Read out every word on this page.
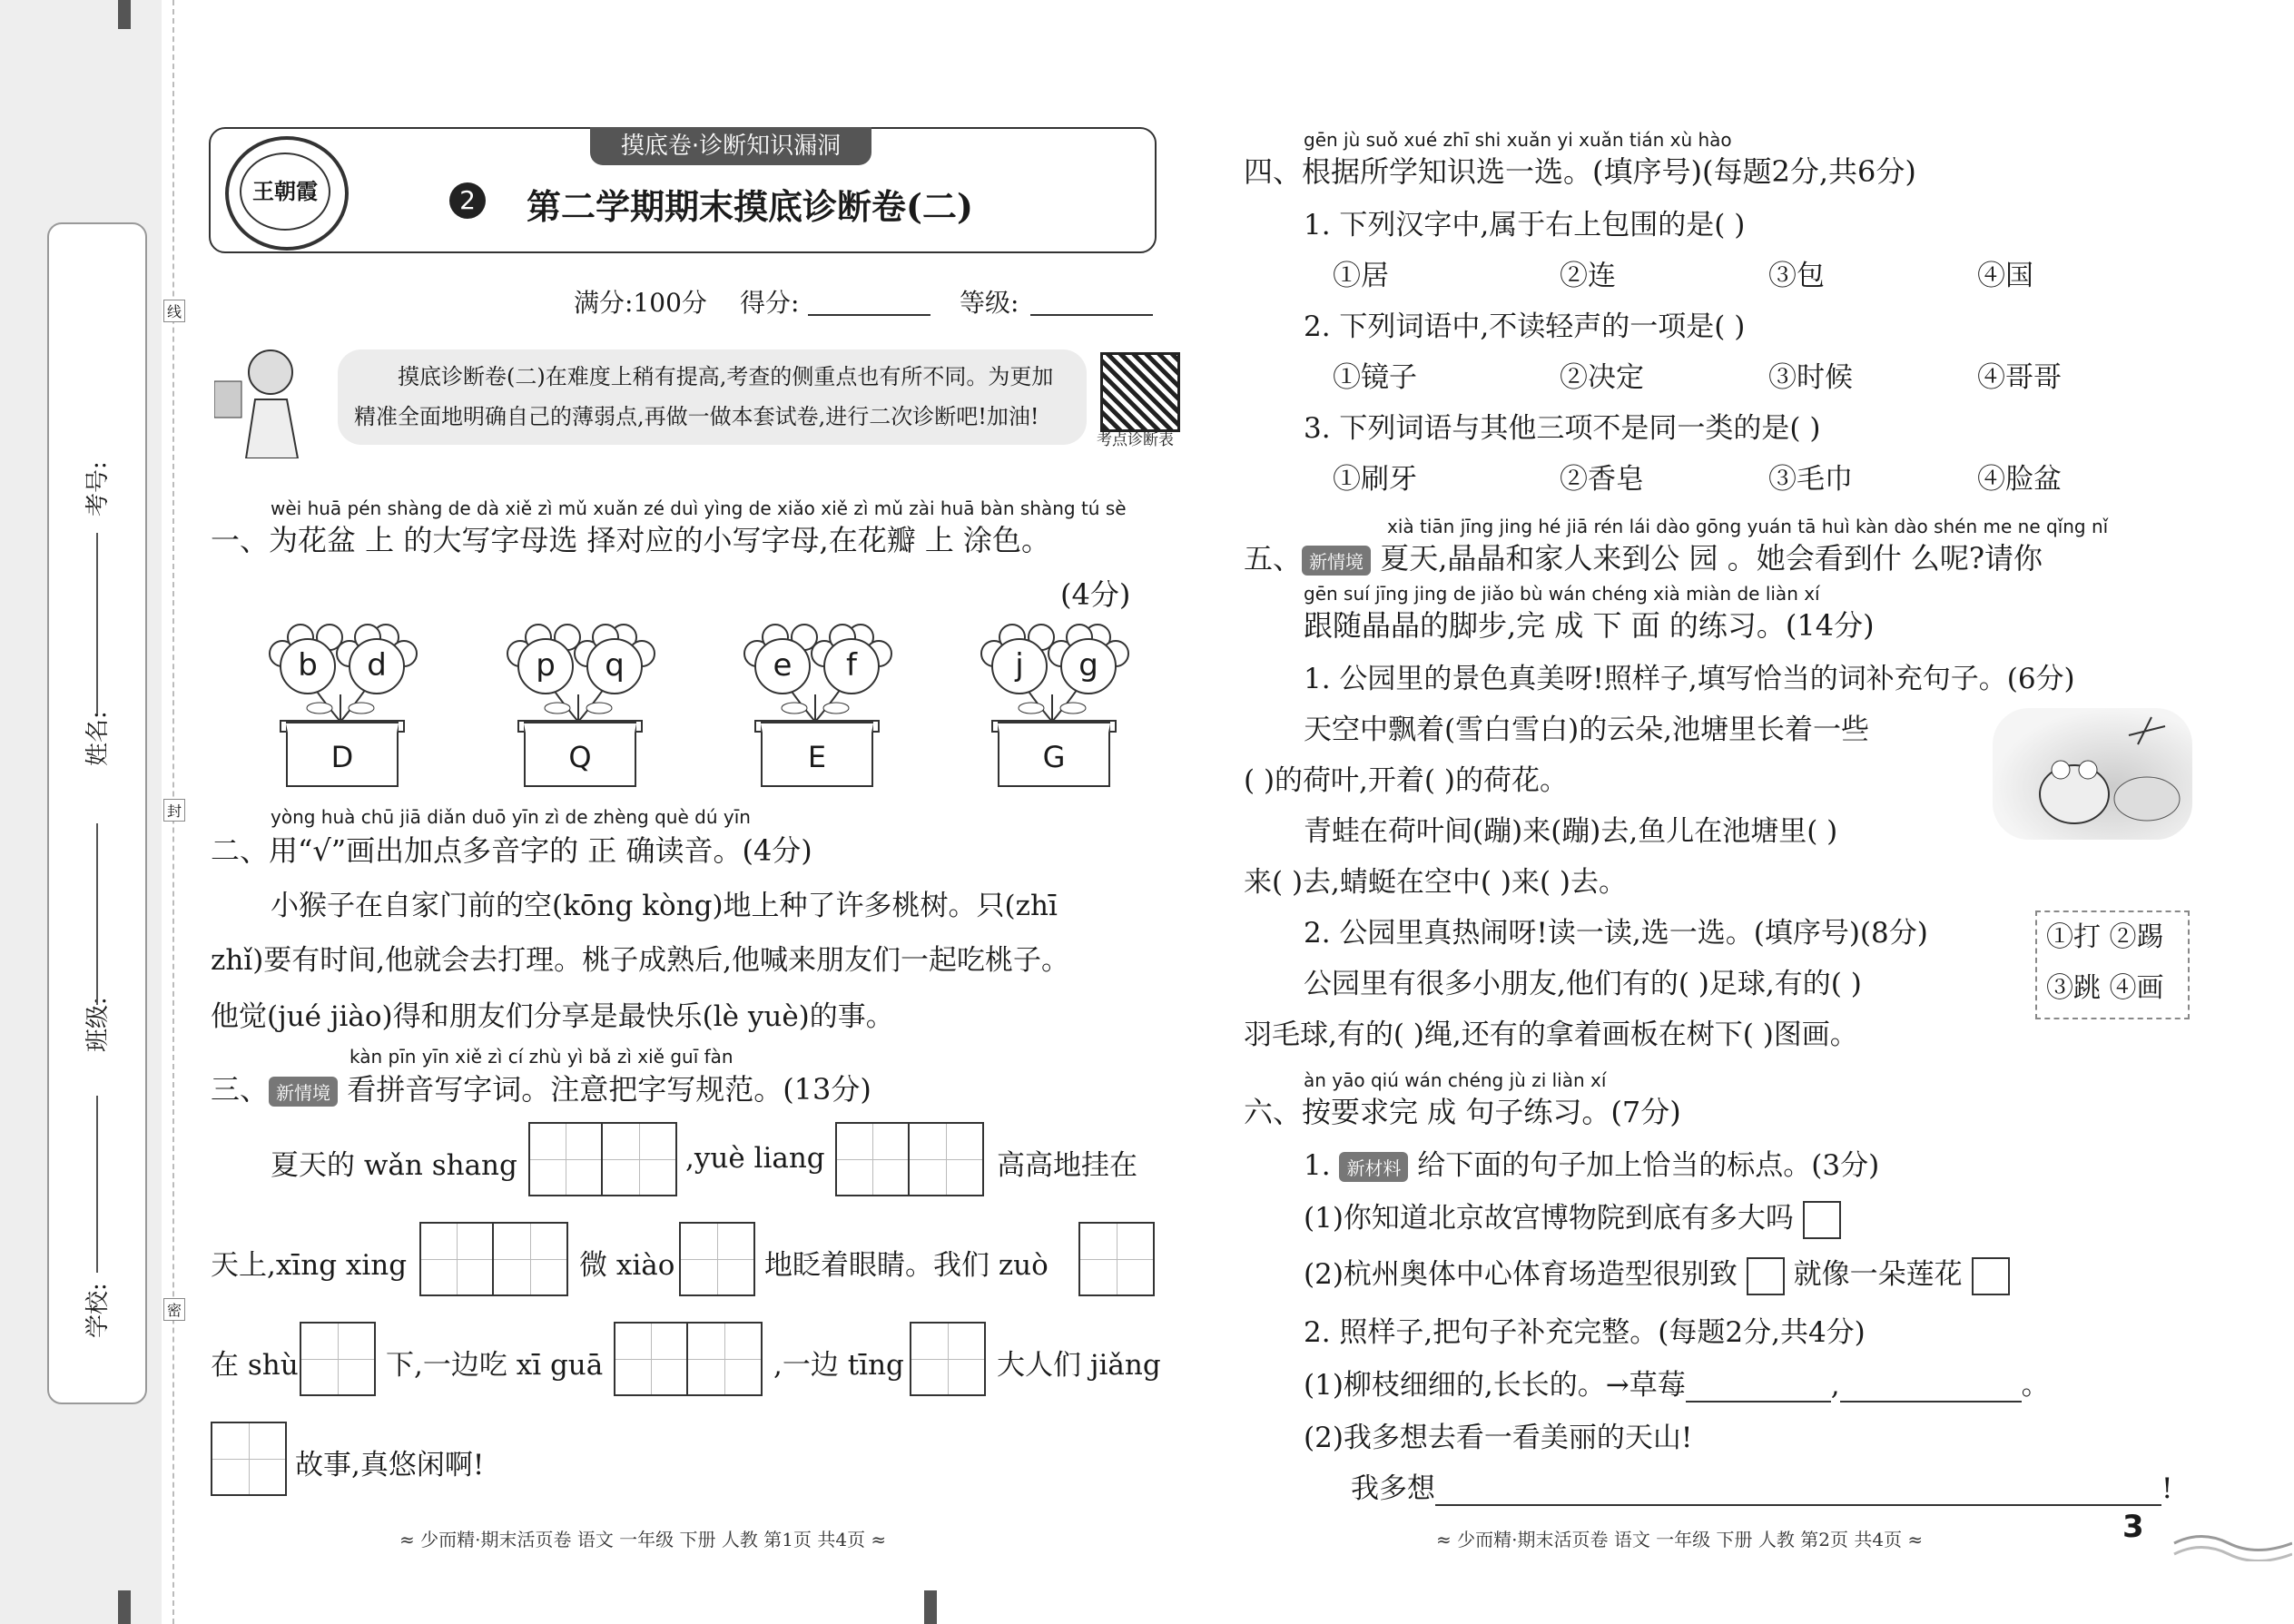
学校:
班级:
姓名:
考号:
线
封
密
王朝霞
摸底卷·诊断知识漏洞
2 第二学期期末摸底诊断卷(二)
满分:100分 得分:	等级:
摸底诊断卷(二)在难度上稍有提高,考查的侧重点也有所不同。为更加
精准全面地明确自己的薄弱点,再做一做本套试卷,进行二次诊断吧!加油!
考点诊断表
wèi huā pén shàng de dà xiě zì mǔ xuǎn zé duì yìng de xiǎo xiě zì mǔ zài huā bàn shàng tú sè
一、为花盆 上 的大写字母选 择对应的小写字母,在花瓣 上 涂色。
(4分)
b	d
D
p	q
Q
e	f
E
j	g
G
yòng huà chū jiā diǎn duō yīn zì de zhèng què dú yīn
二、用“√”画出加点多音字的 正 确读音。(4分)
小猴子在自家门前的空(kōng kòng)地上种了许多桃树。只(zhī
zhǐ)要有时间,他就会去打理。桃子成熟后,他喊来朋友们一起吃桃子。
他觉(jué jiào)得和朋友们分享是最快乐(lè yuè)的事。
kàn pīn yīn xiě zì cí zhù yì bǎ zì xiě guī fàn
三、 新情境 看拼音写字词。注意把字写规范。(13分)
夏天的 wǎn shang	,yuè liang	高高地挂在
天上,xīng xing	微 xiào	地眨着眼睛。我们 zuò
在 shù	下,一边吃 xī guā	,一边 tīng	大人们 jiǎng
故事,真悠闲啊!
≈ 少而精·期末活页卷 语文 一年级 下册 人教 第1页 共4页 ≈
gēn jù suǒ xué zhī shi xuǎn yi xuǎn tián xù hào
四、根据所学知识选一选。(填序号)(每题2分,共6分)
1. 下列汉字中,属于右上包围的是( )
①居	②连	③包	④国
2. 下列词语中,不读轻声的一项是( )
①镜子	②决定	③时候	④哥哥
3. 下列词语与其他三项不是同一类的是( )
①刷牙	②香皂	③毛巾	④脸盆
xià tiān jīng jing hé jiā rén lái dào gōng yuán tā huì kàn dào shén me ne qǐng nǐ
五、 新情境 夏天,晶晶和家人来到公 园 。她会看到什 么呢?请你
gēn suí jīng jing de jiǎo bù wán chéng xià miàn de liàn xí
跟随晶晶的脚步,完 成 下 面 的练习。(14分)
1. 公园里的景色真美呀!照样子,填写恰当的词补充句子。(6分)
天空中飘着(雪白雪白)的云朵,池塘里长着一些
( )的荷叶,开着( )的荷花。
青蛙在荷叶间(蹦)来(蹦)去,鱼儿在池塘里( )
来( )去,蜻蜓在空中( )来( )去。
2. 公园里真热闹呀!读一读,选一选。(填序号)(8分)	①打 ②踢
③跳 ④画
公园里有很多小朋友,他们有的( )足球,有的( )
羽毛球,有的( )绳,还有的拿着画板在树下( )图画。
àn yāo qiú wán chéng jù zi liàn xí
六、按要求完 成 句子练习。(7分)
1. 新材料 给下面的句子加上恰当的标点。(3分)
(1)你知道北京故宫博物院到底有多大吗
(2)杭州奥体中心体育场造型很别致 就像一朵莲花
2. 照样子,把句子补充完整。(每题2分,共4分)
(1)柳枝细细的,长长的。→草莓	,	。
(2)我多想去看一看美丽的天山!
我多想	!
≈ 少而精·期末活页卷 语文 一年级 下册 人教 第2页 共4页 ≈	3
